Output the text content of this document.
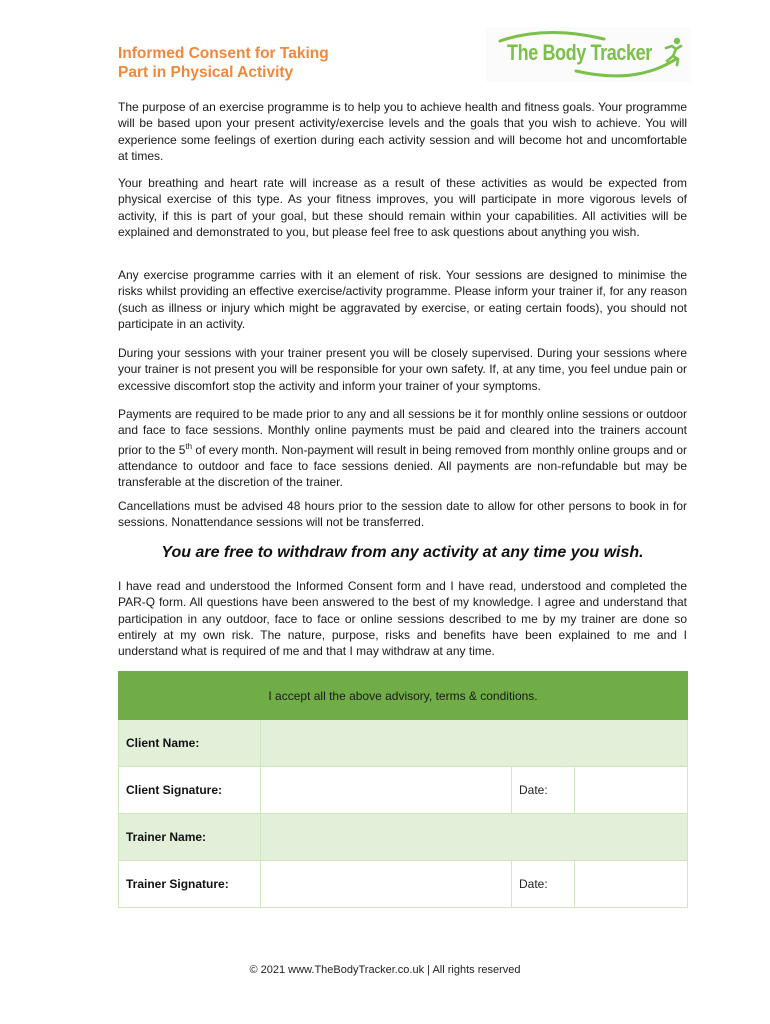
Informed Consent for Taking
Part in Physical Activity
The Body Tracker
The purpose of an exercise programme is to help you to achieve health and fitness goals. Your programme will be based upon your present activity/exercise levels and the goals that you wish to achieve. You will experience some feelings of exertion during each activity session and will become hot and uncomfortable at times.
Your breathing and heart rate will increase as a result of these activities as would be expected from physical exercise of this type. As your fitness improves, you will participate in more vigorous levels of activity, if this is part of your goal, but these should remain within your capabilities. All activities will be explained and demonstrated to you, but please feel free to ask questions about anything you wish.
Any exercise programme carries with it an element of risk. Your sessions are designed to minimise the risks whilst providing an effective exercise/activity programme. Please inform your trainer if, for any reason (such as illness or injury which might be aggravated by exercise, or eating certain foods), you should not participate in an activity.
During your sessions with your trainer present you will be closely supervised. During your sessions where your trainer is not present you will be responsible for your own safety. If, at any time, you feel undue pain or excessive discomfort stop the activity and inform your trainer of your symptoms.
Payments are required to be made prior to any and all sessions be it for monthly online sessions or outdoor and face to face sessions. Monthly online payments must be paid and cleared into the trainers account prior to the 5th of every month. Non-payment will result in being removed from monthly online groups and or attendance to outdoor and face to face sessions denied. All payments are non-refundable but may be transferable at the discretion of the trainer.
Cancellations must be advised 48 hours prior to the session date to allow for other persons to book in for sessions. Nonattendance sessions will not be transferred.
You are free to withdraw from any activity at any time you wish.
I have read and understood the Informed Consent form and I have read, understood and completed the PAR-Q form. All questions have been answered to the best of my knowledge. I agree and understand that participation in any outdoor, face to face or online sessions described to me by my trainer are done so entirely at my own risk. The nature, purpose, risks and benefits have been explained to me and I understand what is required of me and that I may withdraw at any time.
I accept all the above advisory, terms & conditions.			
Client Name:			
Client Signature:		Date:	
Trainer Name:			
Trainer Signature:		Date:	
© 2021 www.TheBodyTracker.co.uk | All rights reserved
